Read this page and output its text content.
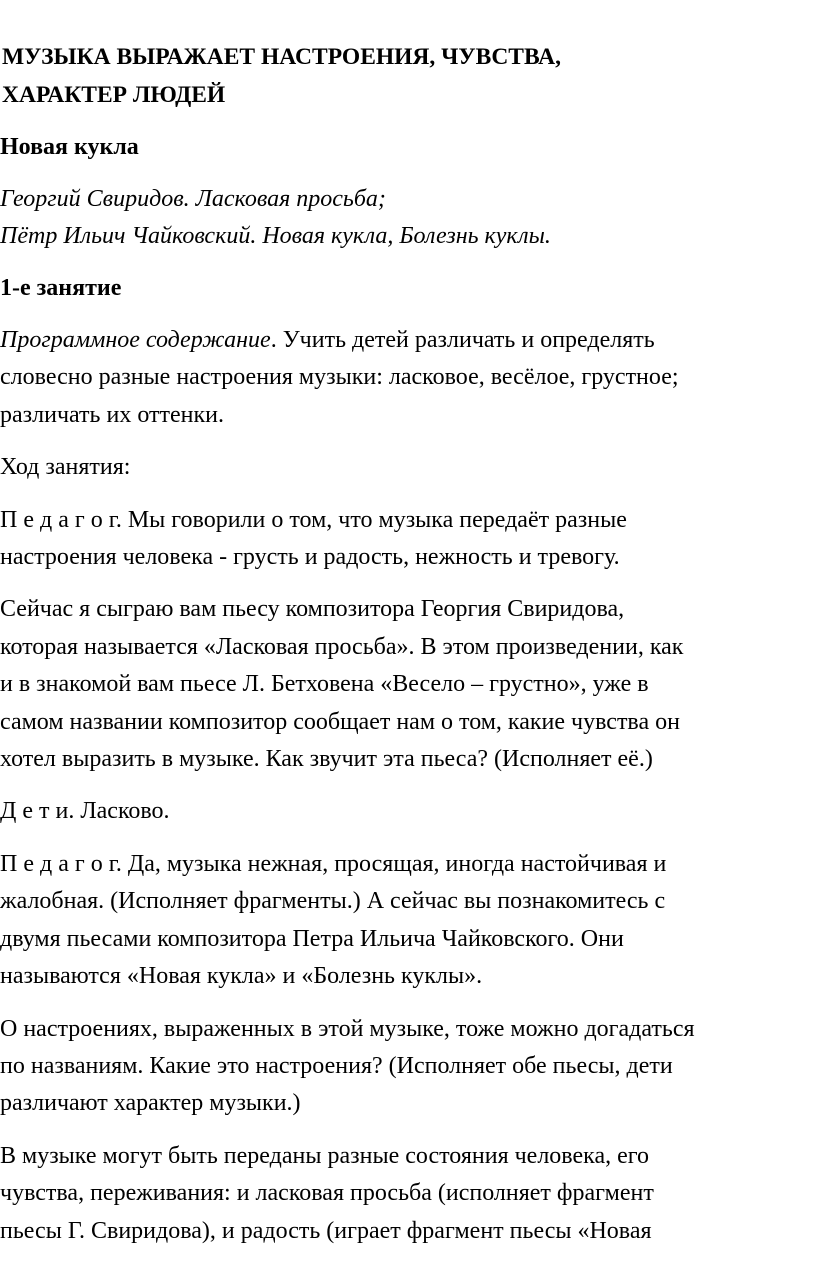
МУЗЫКА ВЫРАЖАЕТ НАСТРОЕНИЯ, ЧУВСТВА,
ХАРАКТЕР ЛЮДЕЙ
Новая кукла
Георгий Свиридов. Ласковая просьба;
Пётр Ильич Чайковский. Новая кукла, Болезнь куклы.
1-е занятие
Программное содержание. Учить детей различать и определять
словесно разные настроения музыки: ласковое, весёлое, грустное;
различать их оттенки.
Ход занятия:
П е д а г о г. Мы говорили о том, что музыка передаёт разные
настроения человека - грусть и радость, нежность и тревогу.
Сейчас я сыграю вам пьесу композитора Георгия Свиридова,
которая называется «Ласковая просьба». В этом произведении, как
и в знакомой вам пьесе Л. Бетховена «Весело – грустно», уже в
самом названии композитор сообщает нам о том, какие чувства он
хотел выразить в музыке. Как звучит эта пьеса? (Исполняет её.)
Д е т и. Ласково.
П е д а г о г. Да, музыка нежная, просящая, иногда настойчивая и
жалобная. (Исполняет фрагменты.) А сейчас вы познакомитесь с
двумя пьесами композитора Петра Ильича Чайковского. Они
называются «Новая кукла» и «Болезнь куклы».
О настроениях, выраженных в этой музыке, тоже можно догадаться
по названиям. Какие это настроения? (Исполняет обе пьесы, дети
различают характер музыки.)
В музыке могут быть переданы разные состояния человека, его
чувства, переживания: и ласковая просьба (исполняет фрагмент
пьесы Г. Свиридова), и радость (играет фрагмент пьесы «Новая
